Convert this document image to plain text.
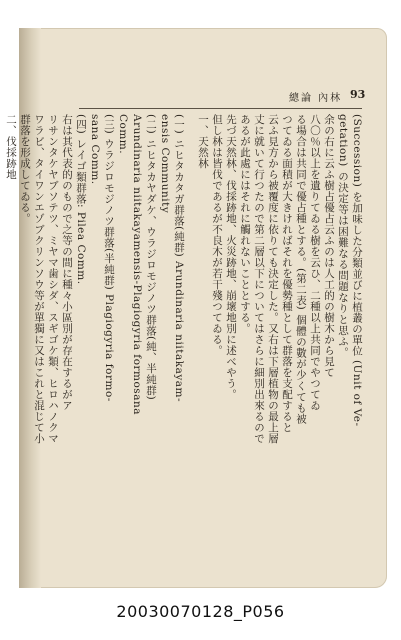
總論 內林 93

(Succession) を加味した分類並びに植叢の單位 (Unit of Ve-

getation) の決定等は困難なる問題なりと思ふ。

余の右に云ふ樹占優占云ふのは人工的の樹木から見て

八〇％以上を遺りてゐる樹を云ひ、二種以上共同でやつてゐ

る場合は共同で優占種とする。(第二表) 個體の數が少くても被

つてゐる面積が大きければそれを優勢種として群落を支配すると

云ふ見方から被覆度に依りても決定した。又右は下層植物の最上層

丈に就いて行つたので第二層以下についてはさらに細別出來るので

あるが此處にはそれに觸れないこととする。

先づ天然林、伐採跡地、火災跡地、崩壞地別に述べやう。

但し林は皆伐であるが不良木が若干殘つてゐる。

一、天然林

(一) ニヒタカタガ群落(純群) Arundinaria niitakayam-

ensis Community

(二) ニヒタカヤダケ、ウラジロモジノツ群落(純、半純群)

Arundinaria niitakayamensis-Plagiogyria formosana

Comm.

(三) ウラジロモジノツ群落(半純群) Plagiogyria formo-

sana Comm.

(四) レイゴ類群落: Pilea Comm.

右は其代表的のもので之等の間に種々小區別が存在するがア

リサンタケヤブソテツ、ミヤマ歯シダ、スギゴケ類、ヒロハノクマ

ワラビ、タイワンエゾブクリンソウ等が單獨に又はこれと混じて小

群落を形成してゐる。

二、伐採跡地

20030070128_P056
